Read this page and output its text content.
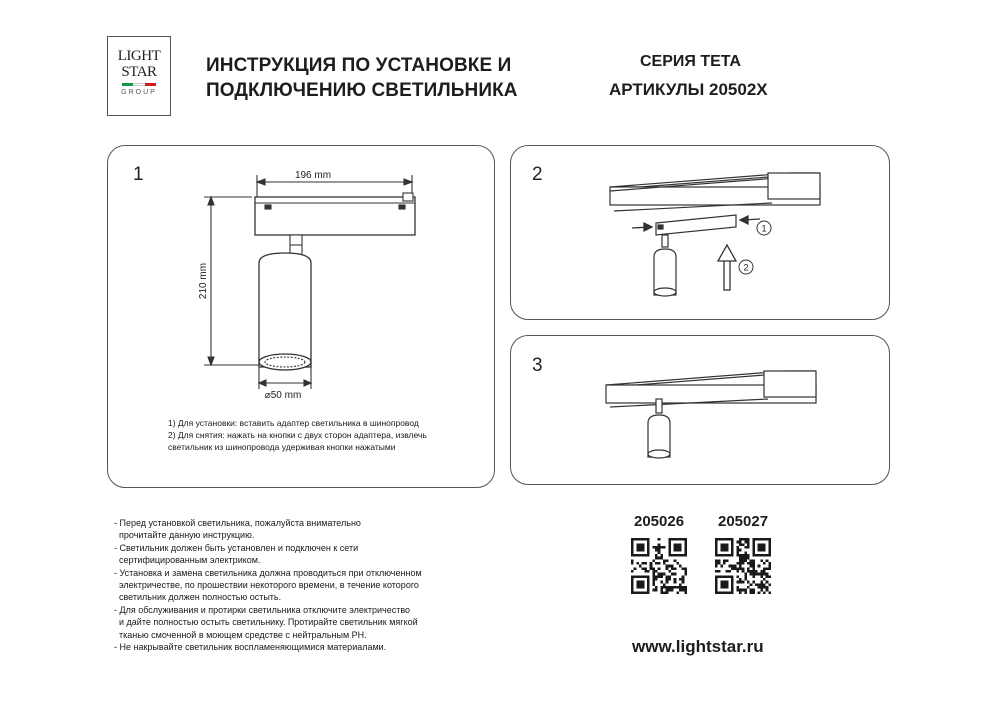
LIGHT
STAR
GROUP
ИНСТРУКЦИЯ ПО УСТАНОВКЕ И
ПОДКЛЮЧЕНИЮ СВЕТИЛЬНИКА
СЕРИЯ TETA
АРТИКУЛЫ 20502X
1	196 mm
210 mm
⌀50 mm
1) Для установки: вставить адаптер светильника в шинопровод
2) Для снятия: нажать на кнопки с двух сторон адаптера, извлечь
светильник из шинопровода удерживая кнопки нажатыми
2
1
2
3
- Перед установкой светильника, пожалуйста внимательно
прочитайте данную инструкцию.
- Светильник должен быть установлен и подключен к сети
сертифицированным электриком.
- Установка и замена светильника должна проводиться при отключенном
электричестве, по прошествии некоторого времени, в течение которого
светильник должен полностью остыть.
- Для обслуживания и протирки светильника отключите электричество
и дайте полностью остыть светильнику. Протирайте светильник мягкой
тканью смоченной в моющем средстве с нейтральным PH.
- Не накрывайте светильник воспламеняющимися материалами.
205026 205027
www.lightstar.ru
